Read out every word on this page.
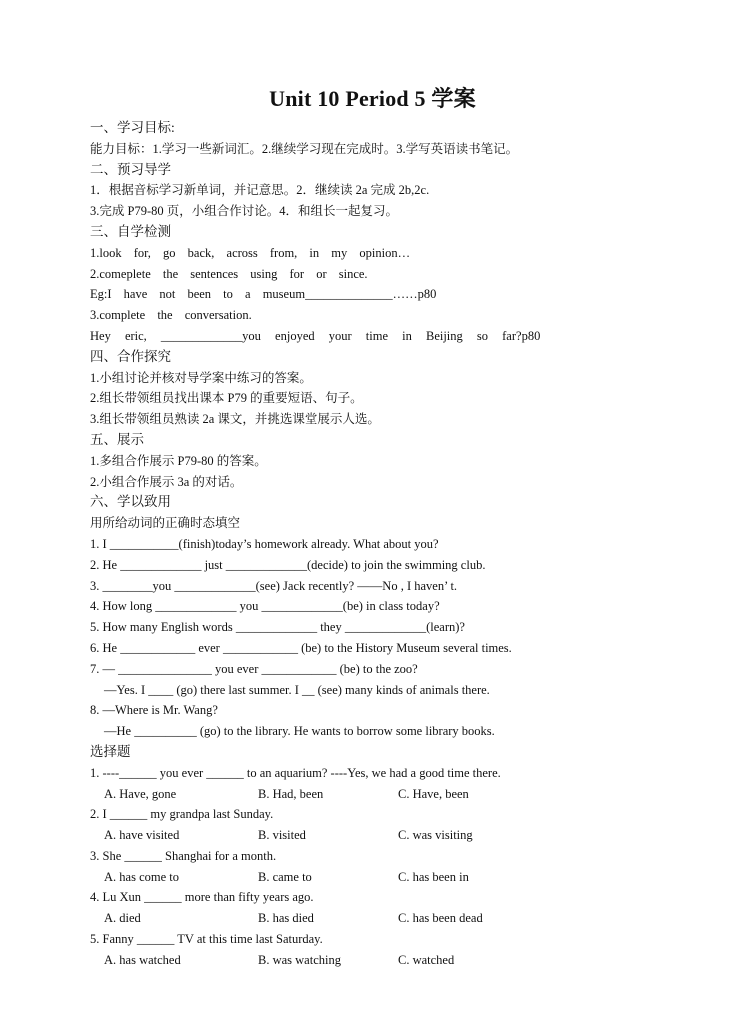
Unit 10 Period 5 学案
一、学习目标:
能力目标：1.学习一些新词汇。2.继续学习现在完成时。3.学写英语读书笔记。
二、预习导学
1．根据音标学习新单词，并记意思。2．继续读 2a 完成 2b,2c.
3.完成 P79-80 页，小组合作讨论。4．和组长一起复习。
三、自学检测
1.look for, go back, across from, in my opinion…
2.comeplete the sentences using for or since.
Eg:I have not been to a museum______________……p80
3.complete the conversation.
Hey eric, _____________you enjoyed your time in Beijing so far?p80
四、合作探究
1.小组讨论并核对导学案中练习的答案。
2.组长带领组员找出课本 P79 的重要短语、句子。
3.组长带领组员熟读 2a 课文，并挑选课堂展示人选。
五、展示
1.多组合作展示 P79-80 的答案。
2.小组合作展示 3a 的对话。
六、学以致用
用所给动词的正确时态填空
1. I ___________(finish)today’s homework already. What about you?
2. He _____________ just _____________(decide) to join the swimming club.
3. ________you _____________(see) Jack recently? ——No , I haven’ t.
4. How long _____________ you _____________(be) in class today?
5. How many English words _____________ they _____________(learn)?
6. He ____________ ever ____________ (be) to the History Museum several times.
7. — _______________ you ever ____________ (be) to the zoo?
—Yes. I ____ (go) there last summer. I __ (see) many kinds of animals there.
8. —Where is Mr. Wang?
—He __________ (go) to the library. He wants to borrow some library books.
选择题
1. ----______ you ever ______ to an aquarium? ----Yes, we had a good time there.
A. Have, gone	B. Had, been	C. Have, been
2. I ______ my grandpa last Sunday.
A. have visited	B. visited	C. was visiting
3. She ______ Shanghai for a month.
A. has come to	B. came to	C. has been in
4. Lu Xun ______ more than fifty years ago.
A. died	B. has died	C. has been dead
5. Fanny ______ TV at this time last Saturday.
A. has watched	B. was watching	C. watched
